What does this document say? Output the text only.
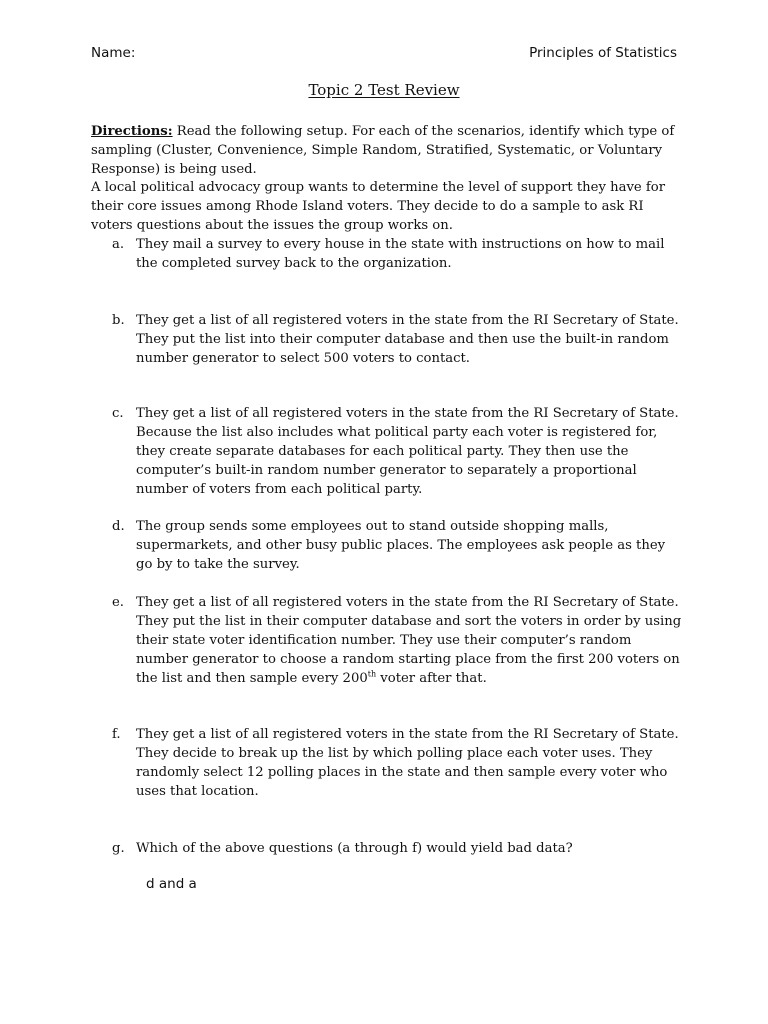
Name:	Principles of Statistics
Topic 2 Test Review
Directions: Read the following setup. For each of the scenarios, identify which type of sampling (Cluster, Convenience, Simple Random, Stratified, Systematic, or Voluntary Response) is being used.
A local political advocacy group wants to determine the level of support they have for their core issues among Rhode Island voters. They decide to do a sample to ask RI voters questions about the issues the group works on.
a. They mail a survey to every house in the state with instructions on how to mail the completed survey back to the organization.
b. They get a list of all registered voters in the state from the RI Secretary of State. They put the list into their computer database and then use the built-in random number generator to select 500 voters to contact.
c. They get a list of all registered voters in the state from the RI Secretary of State. Because the list also includes what political party each voter is registered for, they create separate databases for each political party. They then use the computer’s built-in random number generator to separately a proportional number of voters from each political party.
d. The group sends some employees out to stand outside shopping malls, supermarkets, and other busy public places. The employees ask people as they go by to take the survey.
e. They get a list of all registered voters in the state from the RI Secretary of State. They put the list in their computer database and sort the voters in order by using their state voter identification number. They use their computer’s random number generator to choose a random starting place from the first 200 voters on the list and then sample every 200th voter after that.
f.	They get a list of all registered voters in the state from the RI Secretary of State. They decide to break up the list by which polling place each voter uses. They randomly select 12 polling places in the state and then sample every voter who uses that location.
g. Which of the above questions (a through f) would yield bad data?
d and a
